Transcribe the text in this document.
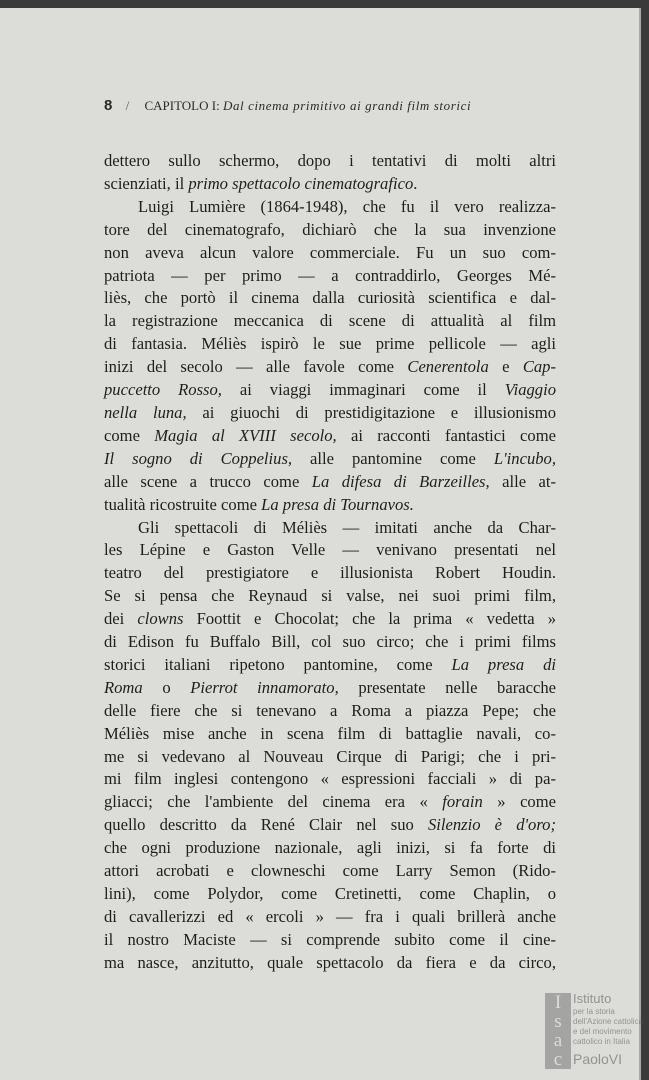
8 / CAPITOLO I: Dal cinema primitivo ai grandi film storici
I
s
a
c
Istituto
per la storia
dell'Azione cattolica
e del movimento
cattolico in Italia
PaoloVI
dettero sullo schermo, dopo i tentativi di molti altri
scienziati, il primo spettacolo cinematografico.
Luigi Lumière (1864-1948), che fu il vero realizza-
tore del cinematografo, dichiarò che la sua invenzione
non aveva alcun valore commerciale. Fu un suo com-
patriota — per primo — a contraddirlo, Georges Mé-
liès, che portò il cinema dalla curiosità scientifica e dal-
la registrazione meccanica di scene di attualità al film
di fantasia. Méliès ispirò le sue prime pellicole — agli
inizi del secolo — alle favole come Cenerentola e Cap-
puccetto Rosso, ai viaggi immaginari come il Viaggio
nella luna, ai giuochi di prestidigitazione e illusionismo
come Magia al XVIII secolo, ai racconti fantastici come
Il sogno di Coppelius, alle pantomine come L'incubo,
alle scene a trucco come La difesa di Barzeilles, alle at-
tualità ricostruite come La presa di Tournavos.
Gli spettacoli di Méliès — imitati anche da Char-
les Lépine e Gaston Velle — venivano presentati nel
teatro del prestigiatore e illusionista Robert Houdin.
Se si pensa che Reynaud si valse, nei suoi primi film,
dei clowns Foottit e Chocolat; che la prima « vedetta »
di Edison fu Buffalo Bill, col suo circo; che i primi films
storici italiani ripetono pantomine, come La presa di
Roma o Pierrot innamorato, presentate nelle baracche
delle fiere che si tenevano a Roma a piazza Pepe; che
Méliès mise anche in scena film di battaglie navali, co-
me si vedevano al Nouveau Cirque di Parigi; che i pri-
mi film inglesi contengono « espressioni facciali » di pa-
gliacci; che l'ambiente del cinema era « forain » come
quello descritto da René Clair nel suo Silenzio è d'oro;
che ogni produzione nazionale, agli inizi, si fa forte di
attori acrobati e clowneschi come Larry Semon (Rido-
lini), come Polydor, come Cretinetti, come Chaplin, o
di cavallerizzi ed « ercoli » — fra i quali brillerà anche
il nostro Maciste — si comprende subito come il cine-
ma nasce, anzitutto, quale spettacolo da fiera e da circo,
